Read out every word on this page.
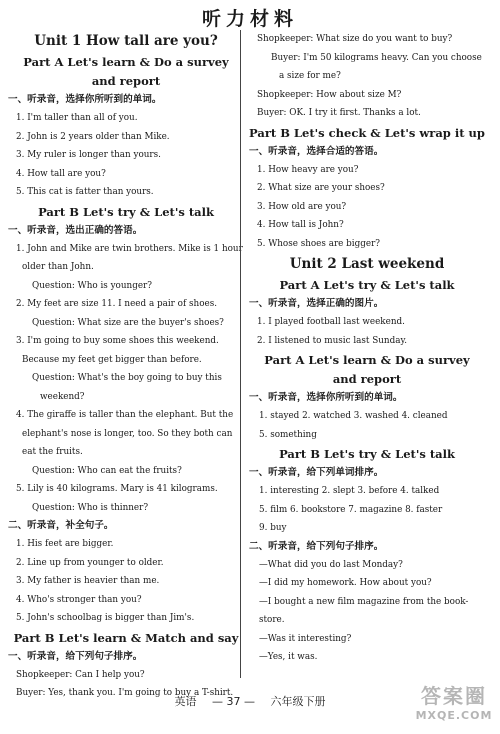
听力材料
Unit 1 How tall are you?
Part A Let's learn & Do a survey
and report
一、听录音，选择你所听到的单词。
1. I'm taller than all of you.
2. John is 2 years older than Mike.
3. My ruler is longer than yours.
4. How tall are you?
5. This cat is fatter than yours.
Part B Let's try & Let's talk
一、听录音，选出正确的答语。
1. John and Mike are twin brothers. Mike is 1 hour older than John.
Question: Who is younger?
2. My feet are size 11. I need a pair of shoes.
Question: What size are the buyer's shoes?
3. I'm going to buy some shoes this weekend. Because my feet get bigger than before.
Question: What's the boy going to buy this weekend?
4. The giraffe is taller than the elephant. But the elephant's nose is longer, too. So they both can eat the fruits.
Question: Who can eat the fruits?
5. Lily is 40 kilograms. Mary is 41 kilograms.
Question: Who is thinner?
二、听录音，补全句子。
1. His feet are bigger.
2. Line up from younger to older.
3. My father is heavier than me.
4. Who's stronger than you?
5. John's schoolbag is bigger than Jim's.
Part B Let's learn & Match and say
一、听录音，给下列句子排序。
Shopkeeper: Can I help you?
Buyer: Yes, thank you. I'm going to buy a T-shirt.
Shopkeeper: What size do you want to buy?
Buyer: I'm 50 kilograms heavy. Can you choose a size for me?
Shopkeeper: How about size M?
Buyer: OK. I try it first. Thanks a lot.
Part B Let's check & Let's wrap it up
一、听录音，选择合适的答语。
1. How heavy are you?
2. What size are your shoes?
3. How old are you?
4. How tall is John?
5. Whose shoes are bigger?
Unit 2 Last weekend
Part A Let's try & Let's talk
一、听录音，选择正确的图片。
1. I played football last weekend.
2. I listened to music last Sunday.
Part A Let's learn & Do a survey
and report
一、听录音，选择你所听到的单词。
1. stayed 2. watched 3. washed 4. cleaned
5. something
Part B Let's try & Let's talk
一、听录音，给下列单词排序。
1. interesting 2. slept 3. before 4. talked
5. film 6. bookstore 7. magazine 8. faster
9. buy
二、听录音，给下列句子排序。
—What did you do last Monday?
—I did my homework. How about you?
—I bought a new film magazine from the book- store.
—Was it interesting?
—Yes, it was.
英语 — 37 — 六年级下册	答案圈
MXQE.COM
